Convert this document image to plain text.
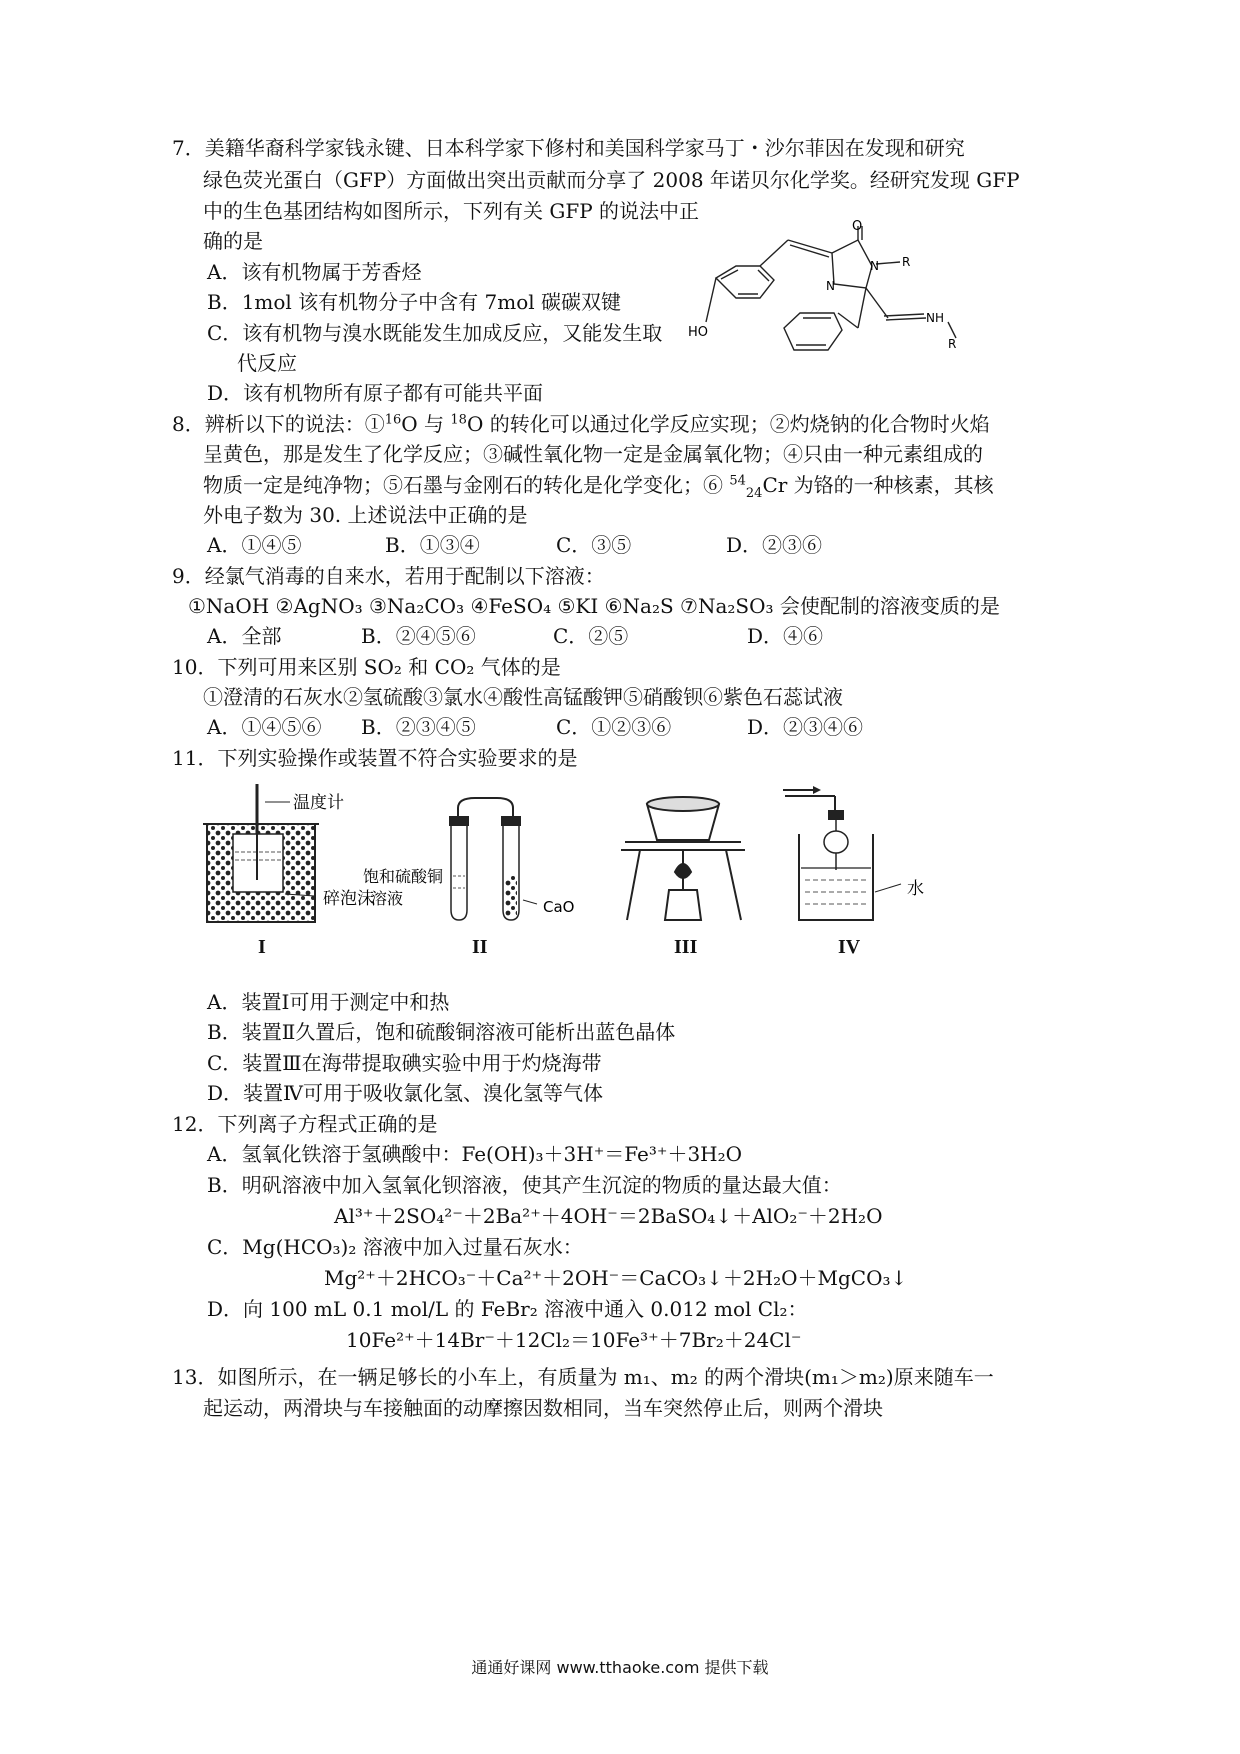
7．美籍华裔科学家钱永键、日本科学家下修村和美国科学家马丁・沙尔菲因在发现和研究
绿色荧光蛋白（GFP）方面做出突出贡献而分享了 2008 年诺贝尔化学奖。经研究发现 GFP
中的生色基团结构如图所示，下列有关 GFP 的说法中正
确的是
A．该有机物属于芳香烃
B．1mol 该有机物分子中含有 7mol 碳碳双键
C．该有机物与溴水既能发生加成反应，又能发生取
代反应
D．该有机物所有原子都有可能共平面
O
N R
N
NH
R
HO
8．辨析以下的说法：①$^{16}$O 与 $^{18}$O 的转化可以通过化学反应实现；②灼烧钠的化合物时火焰
呈黄色，那是发生了化学反应；③碱性氧化物一定是金属氧化物；④只由一种元素组成的
物质一定是纯净物；⑤石墨与金刚石的转化是化学变化；⑥ $^{54}_{24}$Cr 为铬的一种核素，其核
外电子数为 30. 上述说法中正确的是
A．①④⑤	B．①③④	C．③⑤	D．②③⑥
9．经氯气消毒的自来水，若用于配制以下溶液：
①NaOH ②AgNO₃ ③Na₂CO₃ ④FeSO₄ ⑤KI ⑥Na₂S ⑦Na₂SO₃ 会使配制的溶液变质的是
A．全部	B．②④⑤⑥	C．②⑤	D．④⑥
10．下列可用来区别 SO₂ 和 CO₂ 气体的是
①澄清的石灰水②氢硫酸③氯水④酸性高锰酸钾⑤硝酸钡⑥紫色石蕊试液
A．①④⑤⑥ B．②③④⑤	C．①②③⑥	D．②③④⑥
11．下列实验操作或装置不符合实验要求的是
温度计
碎泡沫
饱和硫酸铜
溶液	CaO
水
I	II	III	IV
A．装置Ⅰ可用于测定中和热
B．装置Ⅱ久置后，饱和硫酸铜溶液可能析出蓝色晶体
C．装置Ⅲ在海带提取碘实验中用于灼烧海带
D．装置Ⅳ可用于吸收氯化氢、溴化氢等气体
12．下列离子方程式正确的是
A．氢氧化铁溶于氢碘酸中：Fe(OH)₃＋3H⁺＝Fe³⁺＋3H₂O
B．明矾溶液中加入氢氧化钡溶液，使其产生沉淀的物质的量达最大值：
Al³⁺＋2SO₄²⁻＋2Ba²⁺＋4OH⁻＝2BaSO₄↓＋AlO₂⁻＋2H₂O
C．Mg(HCO₃)₂ 溶液中加入过量石灰水：
Mg²⁺＋2HCO₃⁻＋Ca²⁺＋2OH⁻＝CaCO₃↓＋2H₂O＋MgCO₃↓
D．向 100 mL 0.1 mol/L 的 FeBr₂ 溶液中通入 0.012 mol Cl₂：
10Fe²⁺＋14Br⁻＋12Cl₂＝10Fe³⁺＋7Br₂＋24Cl⁻
13．如图所示，在一辆足够长的小车上，有质量为 m₁、m₂ 的两个滑块(m₁＞m₂)原来随车一
起运动，两滑块与车接触面的动摩擦因数相同，当车突然停止后，则两个滑块
通通好课网 www.tthaoke.com 提供下载
